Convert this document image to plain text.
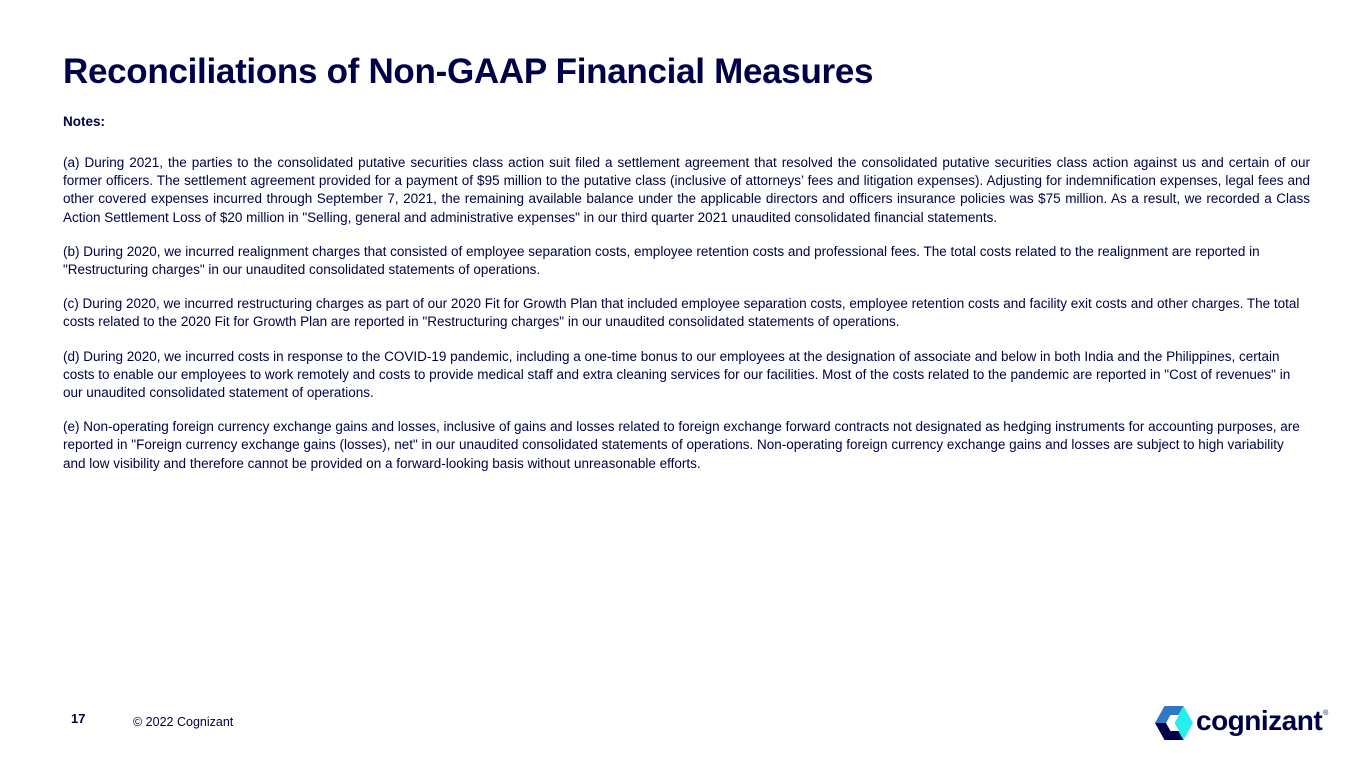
Reconciliations of Non-GAAP Financial Measures
Notes:

(a) During 2021, the parties to the consolidated putative securities class action suit filed a settlement agreement that resolved the consolidated putative securities class action against us and certain of our former officers. The settlement agreement provided for a payment of $95 million to the putative class (inclusive of attorneys’ fees and litigation expenses). Adjusting for indemnification expenses, legal fees and other covered expenses incurred through September 7, 2021, the remaining available balance under the applicable directors and officers insurance policies was $75 million. As a result, we recorded a Class Action Settlement Loss of $20 million in "Selling, general and administrative expenses" in our third quarter 2021 unaudited consolidated financial statements.

(b) During 2020, we incurred realignment charges that consisted of employee separation costs, employee retention costs and professional fees. The total costs related to the realignment are reported in "Restructuring charges" in our unaudited consolidated statements of operations.

(c) During 2020, we incurred restructuring charges as part of our 2020 Fit for Growth Plan that included employee separation costs, employee retention costs and facility exit costs and other charges. The total costs related to the 2020 Fit for Growth Plan are reported in "Restructuring charges" in our unaudited consolidated statements of operations.

(d) During 2020, we incurred costs in response to the COVID-19 pandemic, including a one-time bonus to our employees at the designation of associate and below in both India and the Philippines, certain costs to enable our employees to work remotely and costs to provide medical staff and extra cleaning services for our facilities. Most of the costs related to the pandemic are reported in "Cost of revenues" in our unaudited consolidated statement of operations.

(e) Non-operating foreign currency exchange gains and losses, inclusive of gains and losses related to foreign exchange forward contracts not designated as hedging instruments for accounting purposes, are reported in "Foreign currency exchange gains (losses), net" in our unaudited consolidated statements of operations. Non-operating foreign currency exchange gains and losses are subject to high variability and low visibility and therefore cannot be provided on a forward-looking basis without unreasonable efforts.

17	© 2022 Cognizant	cognizant ®
